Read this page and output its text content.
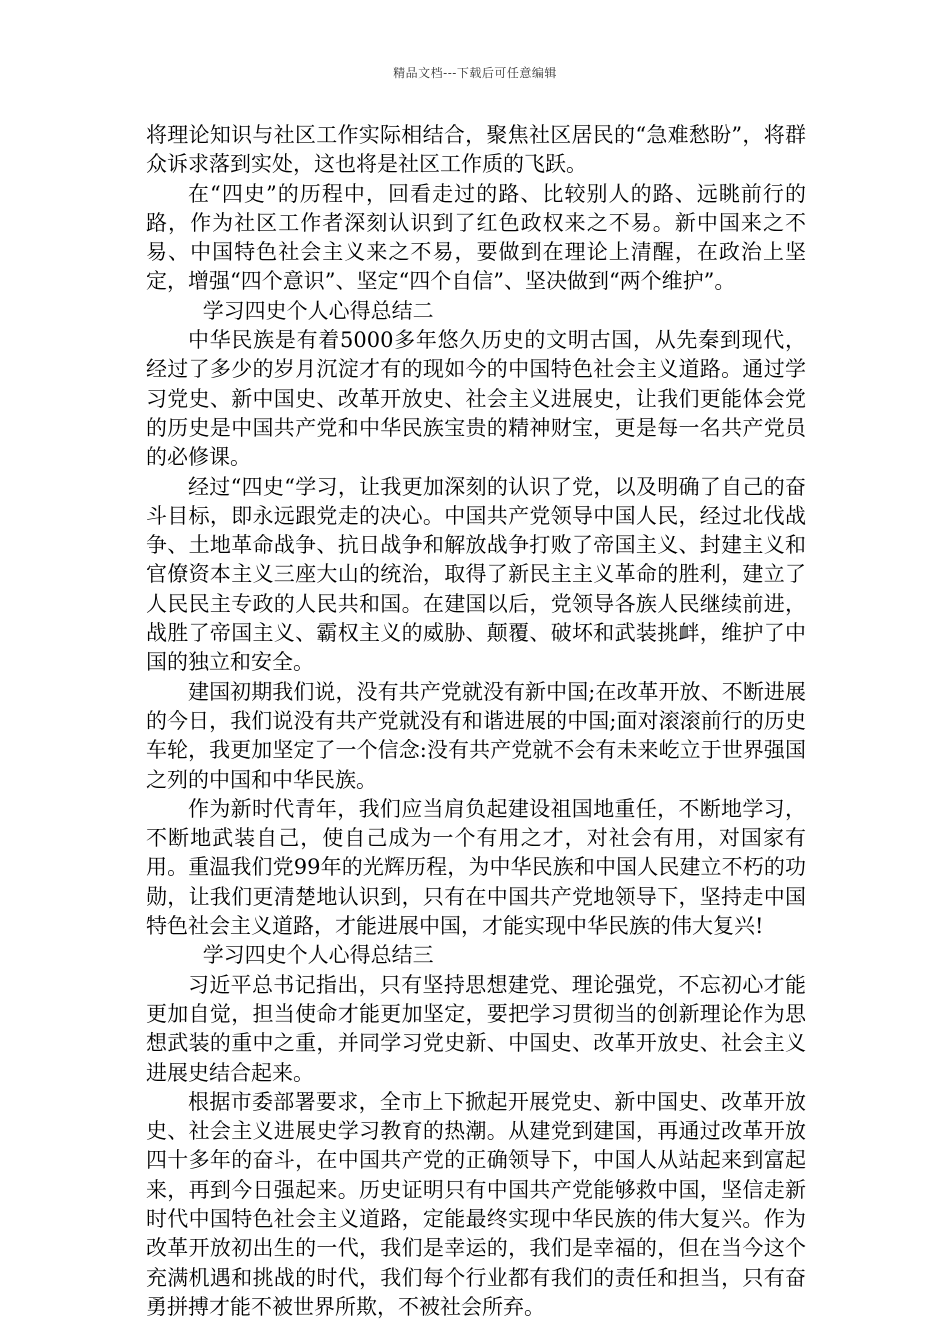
精品文档---下载后可任意编辑

将理论知识与社区工作实际相结合，聚焦社区居民的“急难愁盼”，将群众诉求落到实处，这也将是社区工作质的飞跃。

在“四史”的历程中，回看走过的路、比较别人的路、远眺前行的路，作为社区工作者深刻认识到了红色政权来之不易。新中国来之不易、中国特色社会主义来之不易，要做到在理论上清醒，在政治上坚定，增强“四个意识”、坚定“四个自信”、坚决做到“两个维护”。

学习四史个人心得总结二

中华民族是有着5000多年悠久历史的文明古国，从先秦到现代，经过了多少的岁月沉淀才有的现如今的中国特色社会主义道路。通过学习党史、新中国史、改革开放史、社会主义进展史，让我们更能体会党的历史是中国共产党和中华民族宝贵的精神财宝，更是每一名共产党员的必修课。

经过“四史“学习，让我更加深刻的认识了党，以及明确了自己的奋斗目标，即永远跟党走的决心。中国共产党领导中国人民，经过北伐战争、土地革命战争、抗日战争和解放战争打败了帝国主义、封建主义和官僚资本主义三座大山的统治，取得了新民主主义革命的胜利，建立了人民民主专政的人民共和国。在建国以后，党领导各族人民继续前进，战胜了帝国主义、霸权主义的威胁、颠覆、破坏和武装挑衅，维护了中国的独立和安全。

建国初期我们说，没有共产党就没有新中国;在改革开放、不断进展的今日，我们说没有共产党就没有和谐进展的中国;面对滚滚前行的历史车轮，我更加坚定了一个信念:没有共产党就不会有未来屹立于世界强国之列的中国和中华民族。

作为新时代青年，我们应当肩负起建设祖国地重任，不断地学习，不断地武装自己，使自己成为一个有用之才，对社会有用，对国家有用。重温我们党99年的光辉历程，为中华民族和中国人民建立不朽的功勋，让我们更清楚地认识到，只有在中国共产党地领导下，坚持走中国特色社会主义道路，才能进展中国，才能实现中华民族的伟大复兴!

学习四史个人心得总结三

习近平总书记指出，只有坚持思想建党、理论强党，不忘初心才能更加自觉，担当使命才能更加坚定，要把学习贯彻当的创新理论作为思想武装的重中之重，并同学习党史新、中国史、改革开放史、社会主义进展史结合起来。

根据市委部署要求，全市上下掀起开展党史、新中国史、改革开放史、社会主义进展史学习教育的热潮。从建党到建国，再通过改革开放四十多年的奋斗，在中国共产党的正确领导下，中国人从站起来到富起来，再到今日强起来。历史证明只有中国共产党能够救中国，坚信走新时代中国特色社会主义道路，定能最终实现中华民族的伟大复兴。作为改革开放初出生的一代，我们是幸运的，我们是幸福的，但在当今这个充满机遇和挑战的时代，我们每个行业都有我们的责任和担当，只有奋勇拼搏才能不被世界所欺，不被社会所弃。
